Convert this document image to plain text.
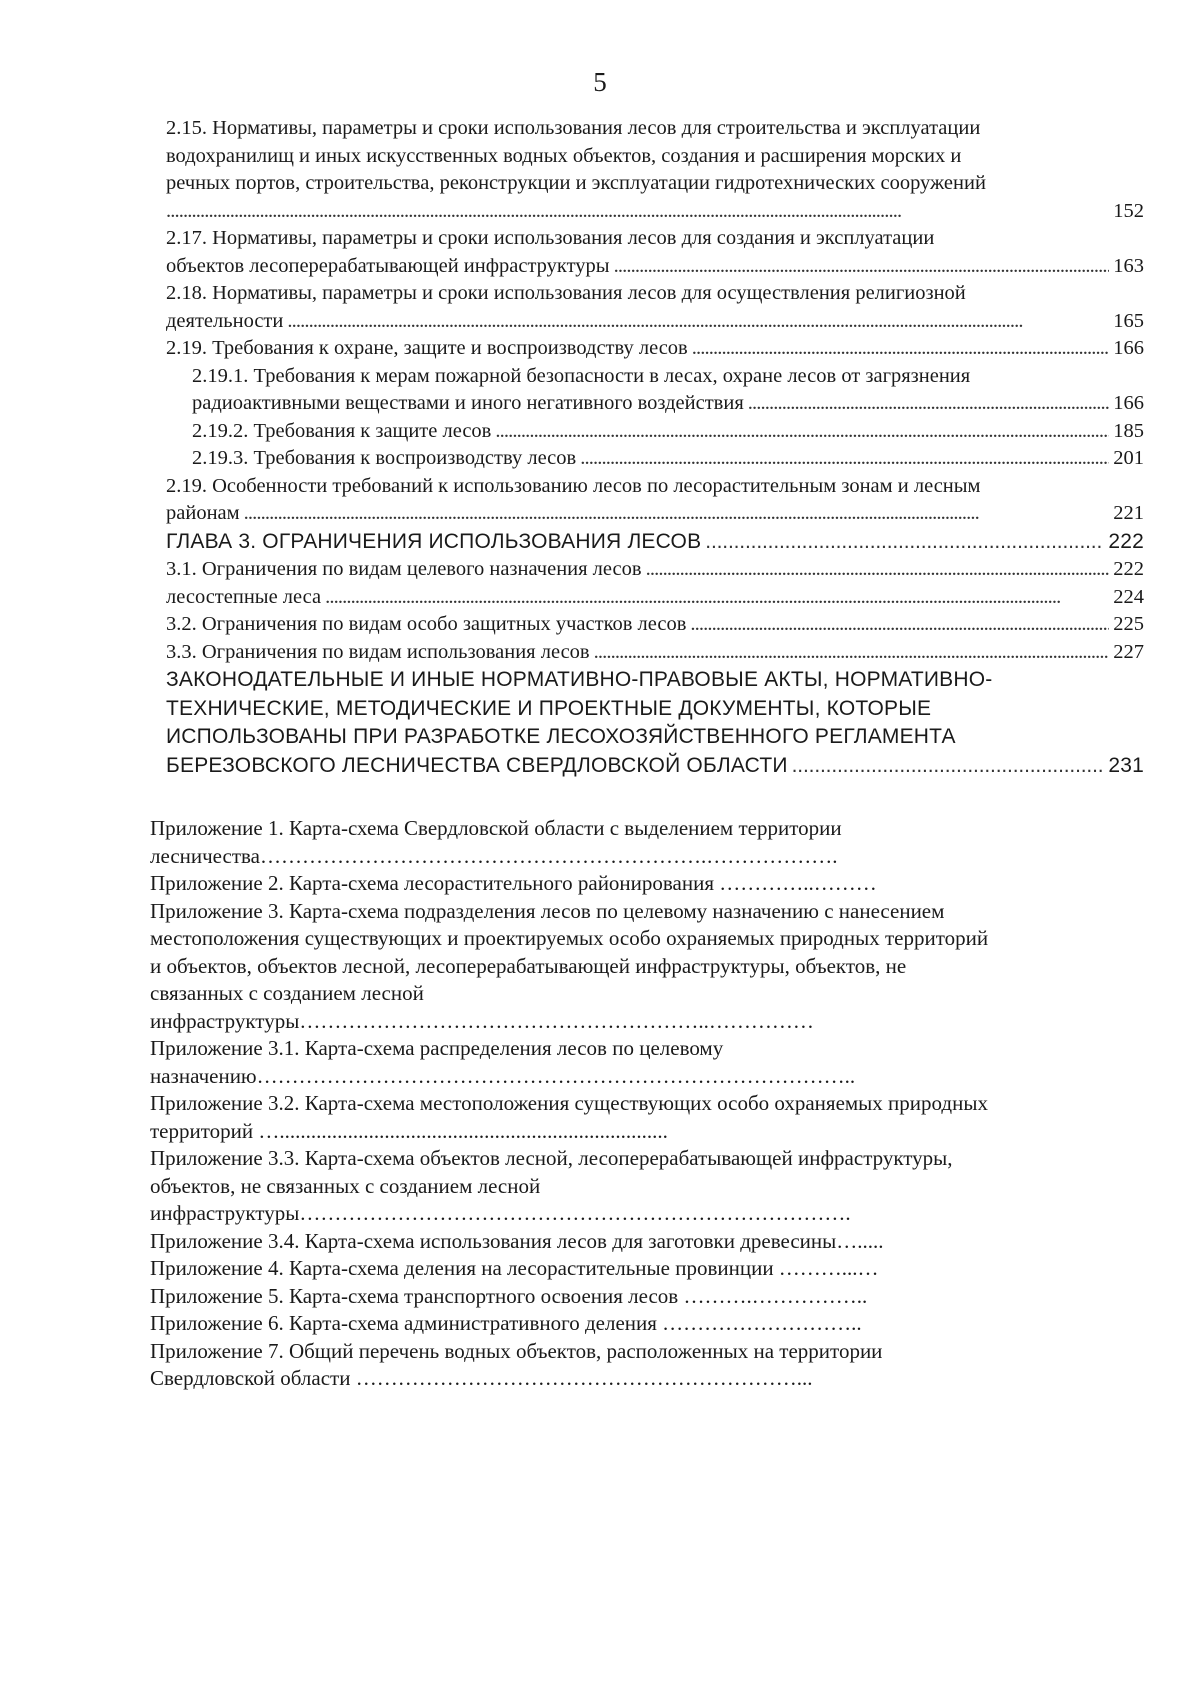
5
2.15. Нормативы, параметры и сроки использования лесов для строительства и эксплуатации
водохранилищ и иных искусственных водных объектов, создания и расширения морских и
речных портов, строительства, реконструкции и эксплуатации гидротехнических сооружений
. . .
152
2.17. Нормативы, параметры и сроки использования лесов для создания и эксплуатации
объектов лесоперерабатывающей инфраструктуры . . .	163
2.18. Нормативы, параметры и сроки использования лесов для осуществления религиозной
деятельности . . .	165
2.19. Требования к охране, защите и воспроизводству лесов . . .	166
2.19.1. Требования к мерам пожарной безопасности в лесах, охране лесов от загрязнения
радиоактивными веществами и иного негативного воздействия . . .	166
2.19.2. Требования к защите лесов . . .	185
2.19.3. Требования к воспроизводству лесов . . .	201
2.19. Особенности требований к использованию лесов по лесорастительным зонам и лесным
районам . . .	221
ГЛАВА 3. ОГРАНИЧЕНИЯ ИСПОЛЬЗОВАНИЯ ЛЕСОВ . . .	222
3.1. Ограничения по видам целевого назначения лесов . . .	222
лесостепные леса . . .	224
3.2. Ограничения по видам особо защитных участков лесов . . .	225
3.3. Ограничения по видам использования лесов . . .	227
ЗАКОНОДАТЕЛЬНЫЕ И ИНЫЕ НОРМАТИВНО-ПРАВОВЫЕ АКТЫ, НОРМАТИВНО-
ТЕХНИЧЕСКИЕ, МЕТОДИЧЕСКИЕ И ПРОЕКТНЫЕ ДОКУМЕНТЫ, КОТОРЫЕ
ИСПОЛЬЗОВАНЫ ПРИ РАЗРАБОТКЕ ЛЕСОХОЗЯЙСТВЕННОГО РЕГЛАМЕНТА
БЕРЕЗОВСКОГО ЛЕСНИЧЕСТВА СВЕРДЛОВСКОЙ ОБЛАСТИ . . .	231
Приложение 1. Карта-схема Свердловской области с выделением территории
лесничества……………………………………………………….……………….
Приложение 2. Карта-схема лесорастительного районирования …………..………
Приложение 3. Карта-схема подразделения лесов по целевому назначению с нанесением
местоположения существующих и проектируемых особо охраняемых природных территорий
и объектов, объектов лесной, лесоперерабатывающей инфраструктуры, объектов, не
связанных с созданием лесной
инфраструктуры…………………………………………………..……………
Приложение 3.1. Карта-схема распределения лесов по целевому
назначению…………………………………………………………………………..
Приложение 3.2. Карта-схема местоположения существующих особо охраняемых природных
территорий …..........................................................................
Приложение 3.3. Карта-схема объектов лесной, лесоперерабатывающей инфраструктуры,
объектов, не связанных с созданием лесной
инфраструктуры…………………………………………………………………….
Приложение 3.4. Карта-схема использования лесов для заготовки древесины….....
Приложение 4. Карта-схема деления на лесорастительные провинции ………...…
Приложение 5. Карта-схема транспортного освоения лесов ……….……………..
Приложение 6. Карта-схема административного деления ………………………..
Приложение 7. Общий перечень водных объектов, расположенных на территории
Свердловской области ………………………………………………………...
